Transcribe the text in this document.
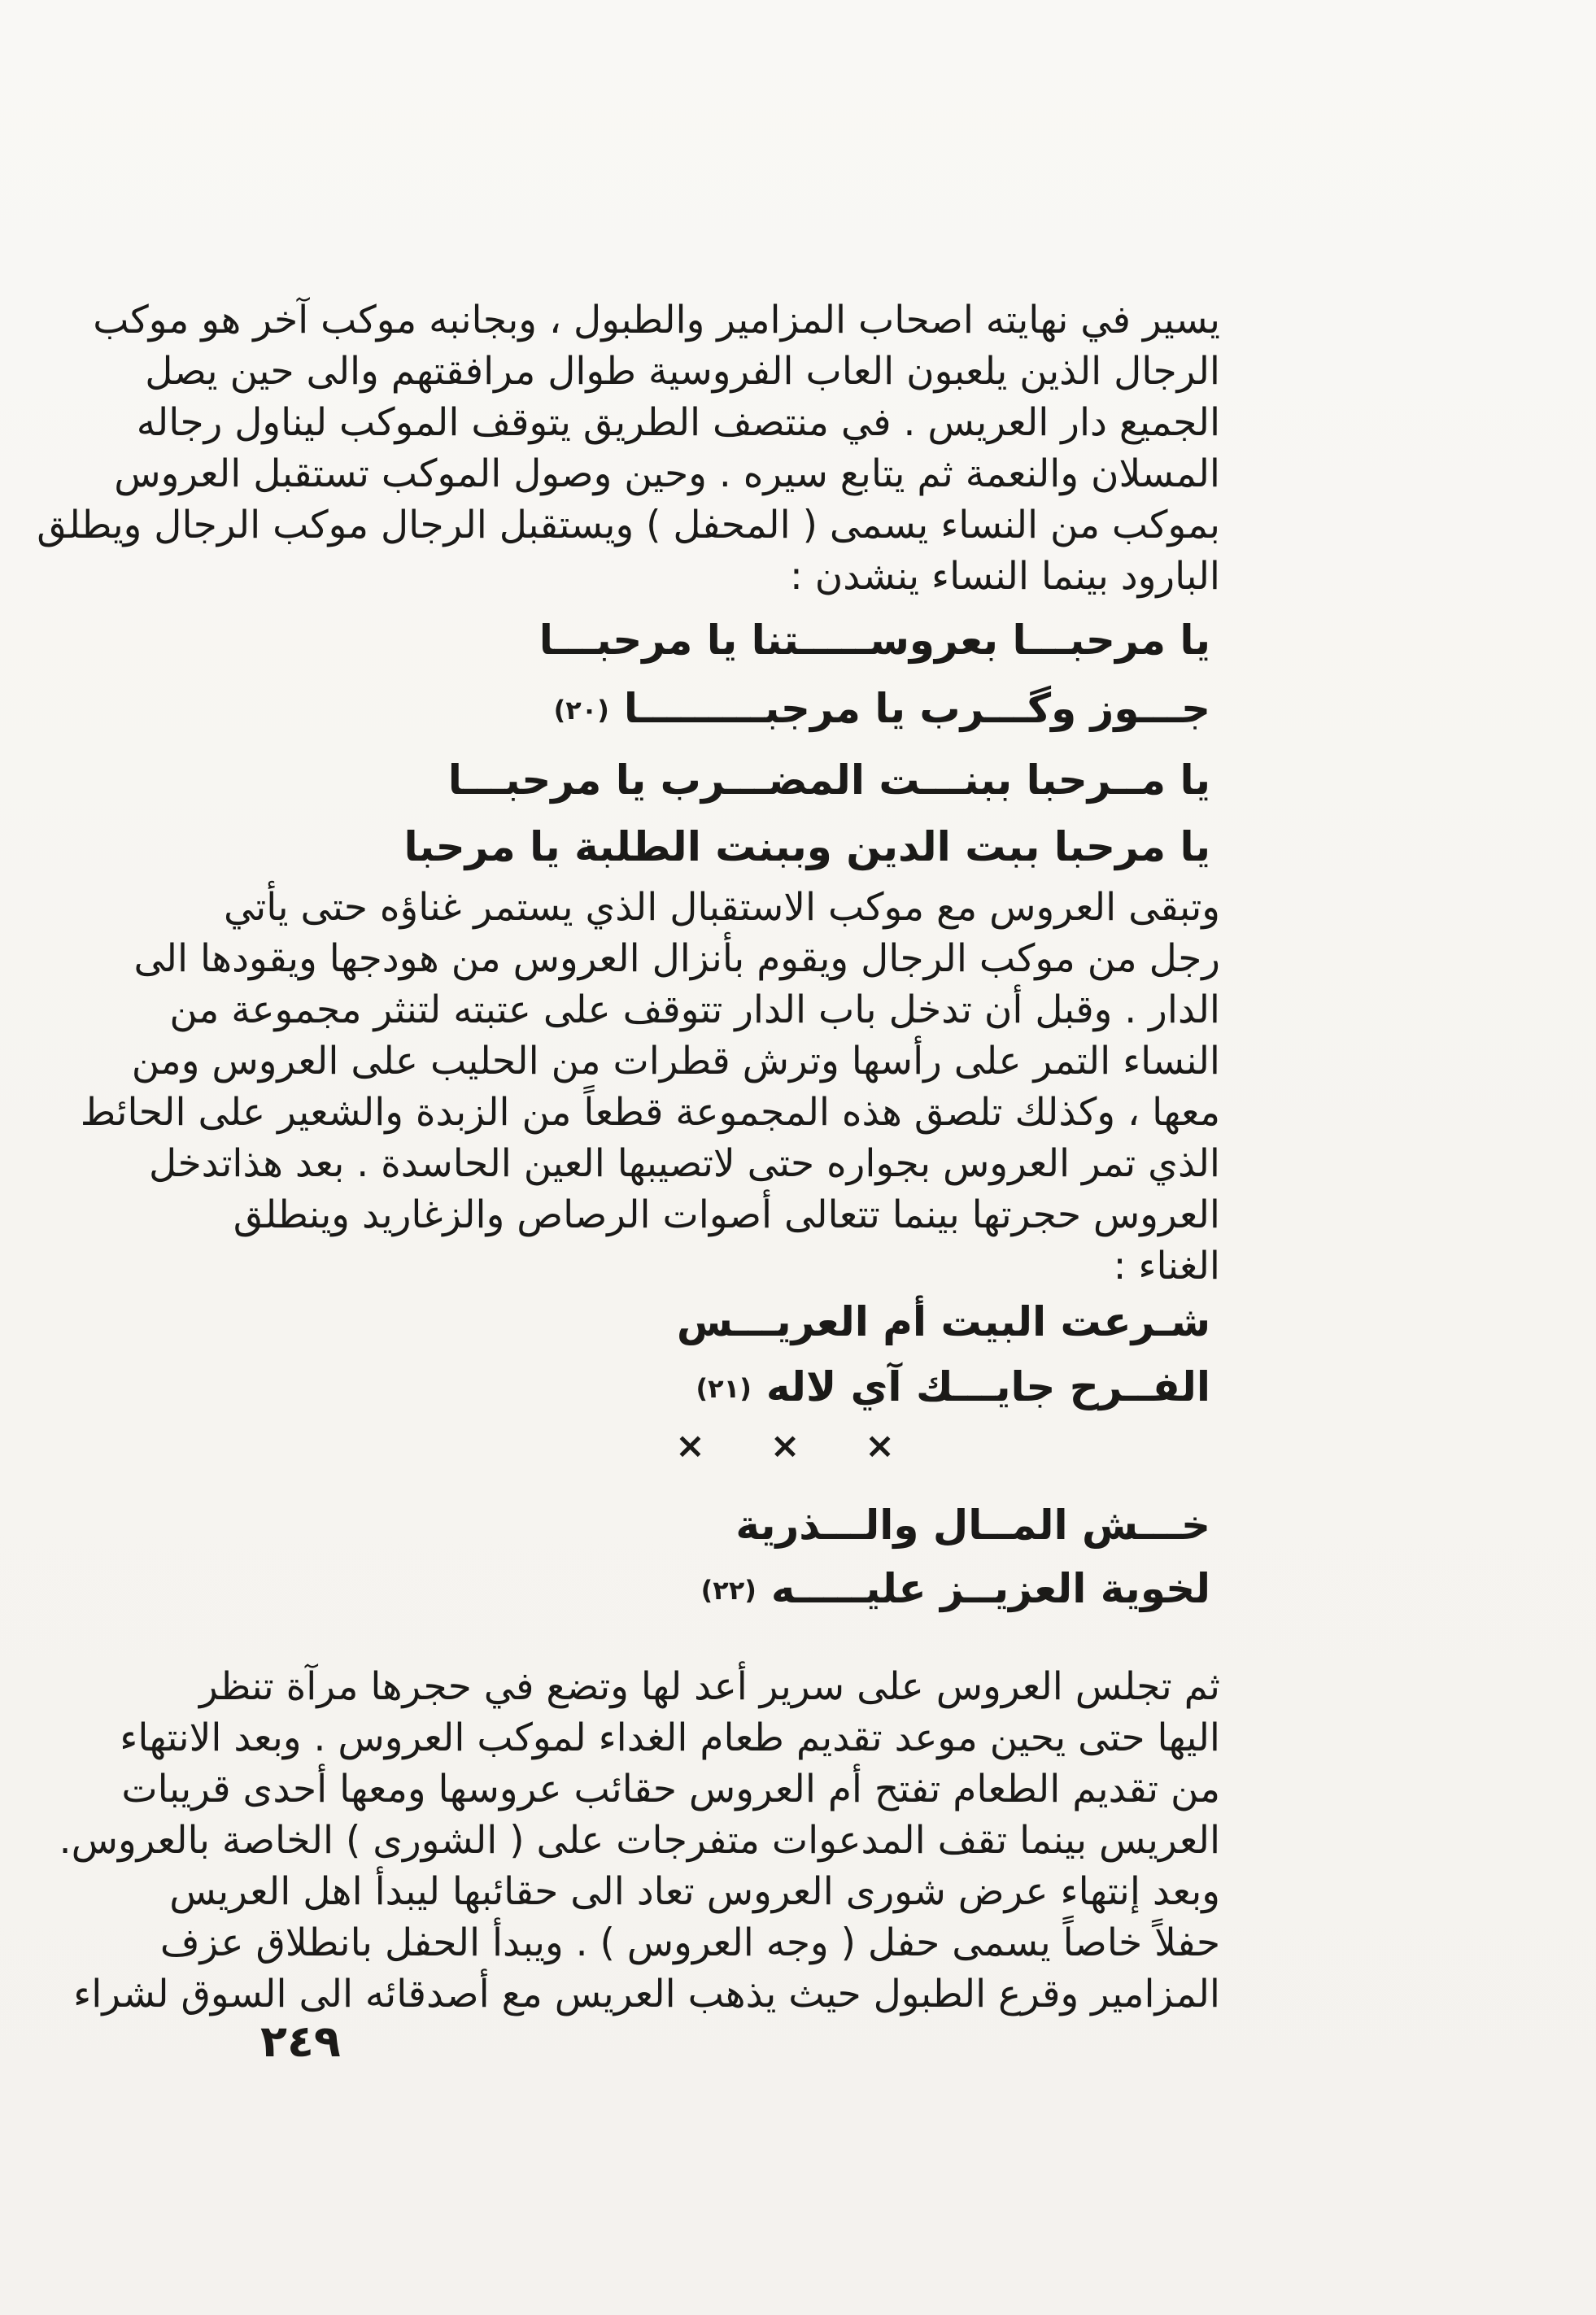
يسير في نهايته اصحاب المزامير والطبول ، وبجانبه موكب آخر هو موكب
الرجال الذين يلعبون العاب الفروسية طوال مرافقتهم والى حين يصل
الجميع دار العريس . في منتصف الطريق يتوقف الموكب ليناول رجاله
المسلان والنعمة ثم يتابع سيره . وحين وصول الموكب تستقبل العروس
بموكب من النساء يسمى ( المحفل ) ويستقبل الرجال موكب الرجال ويطلق
البارود بينما النساء ينشدن :
يا مرحبـــا بعروســـــتنا يا مرحبـــا
جـــوز وگـــرب يا مرجبـــــــــا(٢٠)
يا مــرحبا ببنـــت المضـــرب يا مرحبـــا
يا مرحبا ببت الدين وببنت الطلبة يا مرحبا
وتبقى العروس مع موكب الاستقبال الذي يستمر غناؤه حتى يأتي
رجل من موكب الرجال ويقوم بأنزال العروس من هودجها ويقودها الى
الدار . وقبل أن تدخل باب الدار تتوقف على عتبته لتنثر مجموعة من
النساء التمر على رأسها وترش قطرات من الحليب على العروس ومن
معها ، وكذلك تلصق هذه المجموعة قطعاً من الزبدة والشعير على الحائط
الذي تمر العروس بجواره حتى لاتصيبها العين الحاسدة . بعد هذاتدخل
العروس حجرتها بينما تتعالى أصوات الرصاص والزغاريد وينطلق
الغناء :
شـرعت البيت أم العريـــس
الفــرح جايـــك آي لاله(٢١)
×
×
×
خـــش المــال والـــذرية
لخوية العزيــز عليـــــه(٢٢)
ثم تجلس العروس على سرير أعد لها وتضع في حجرها مرآة تنظر
اليها حتى يحين موعد تقديم طعام الغداء لموكب العروس . وبعد الانتهاء
من تقديم الطعام تفتح أم العروس حقائب عروسها ومعها أحدى قريبات
العريس بينما تقف المدعوات متفرجات على ( الشورى ) الخاصة بالعروس.
وبعد إنتهاء عرض شورى العروس تعاد الى حقائبها ليبدأ اهل العريس
حفلاً خاصاً يسمى حفل ( وجه العروس ) . ويبدأ الحفل بانطلاق عزف
المزامير وقرع الطبول حيث يذهب العريس مع أصدقائه الى السوق لشراء
٢٤٩
